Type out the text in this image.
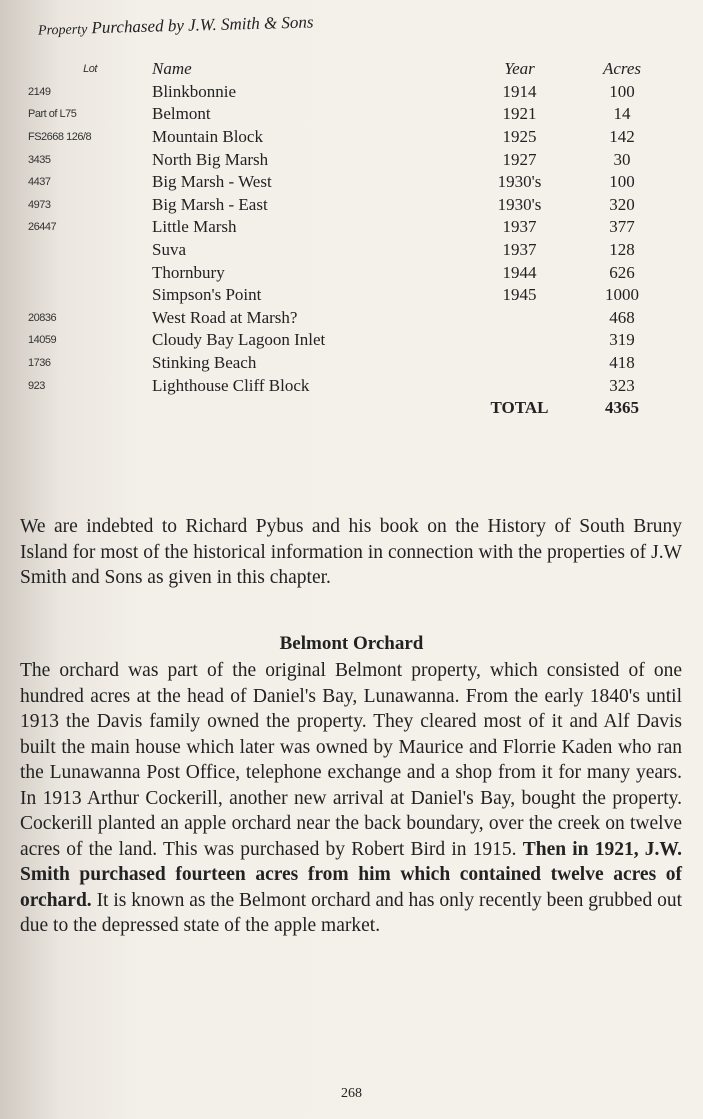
Property Purchased by J.W. Smith & Sons
Lot	Name	Year	Acres
2149	Blinkbonnie	1914	100
Part of L75	Belmont	1921	14
FS2668 126/8	Mountain Block	1925	142
3435	North Big Marsh	1927	30
4437	Big Marsh - West	1930's	100
4973	Big Marsh - East	1930's	320
26447	Little Marsh	1937	377
	Suva	1937	128
	Thornbury	1944	626
	Simpson's Point	1945	1000
20836	West Road at Marsh?		468
14059	Cloudy Bay Lagoon Inlet		319
1736	Stinking Beach		418
923	Lighthouse Cliff Block		323
		TOTAL	4365
We are indebted to Richard Pybus and his book on the History of South Bruny Island for most of the historical information in connection with the properties of J.W Smith and Sons as given in this chapter.
Belmont Orchard
The orchard was part of the original Belmont property, which consisted of one hundred acres at the head of Daniel's Bay, Lunawanna. From the early 1840's until 1913 the Davis family owned the property. They cleared most of it and Alf Davis built the main house which later was owned by Maurice and Florrie Kaden who ran the Lunawanna Post Office, telephone exchange and a shop from it for many years. In 1913 Arthur Cockerill, another new arrival at Daniel's Bay, bought the property. Cockerill planted an apple orchard near the back boundary, over the creek on twelve acres of the land. This was purchased by Robert Bird in 1915. Then in 1921, J.W. Smith purchased fourteen acres from him which contained twelve acres of orchard. It is known as the Belmont orchard and has only recently been grubbed out due to the depressed state of the apple market.
268
